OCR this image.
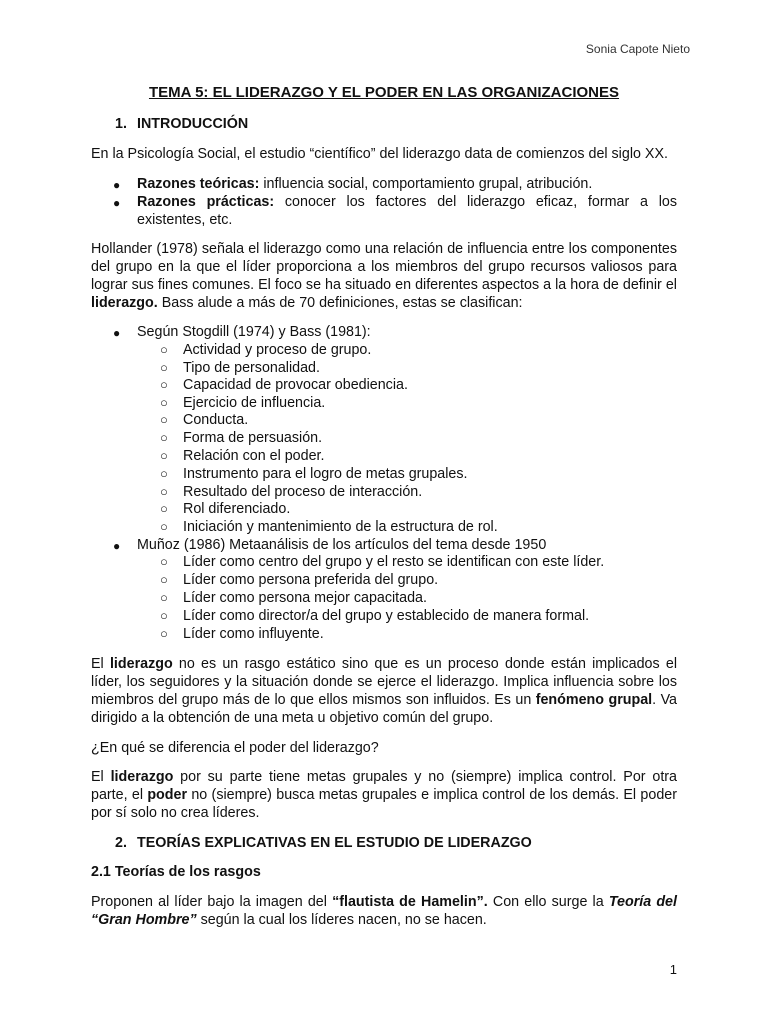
Sonia Capote Nieto
TEMA 5: EL LIDERAZGO Y EL PODER EN LAS ORGANIZACIONES
1. INTRODUCCIÓN
En la Psicología Social, el estudio “científico” del liderazgo data de comienzos del siglo XX.
● Razones teóricas: influencia social, comportamiento grupal, atribución.
● Razones prácticas: conocer los factores del liderazgo eficaz, formar a los existentes, etc.
Hollander (1978) señala el liderazgo como una relación de influencia entre los componentes del grupo en la que el líder proporciona a los miembros del grupo recursos valiosos para lograr sus fines comunes. El foco se ha situado en diferentes aspectos a la hora de definir el liderazgo. Bass alude a más de 70 definiciones, estas se clasifican:
● Según Stogdill (1974) y Bass (1981):
○ Actividad y proceso de grupo.
○ Tipo de personalidad.
○ Capacidad de provocar obediencia.
○ Ejercicio de influencia.
○ Conducta.
○ Forma de persuasión.
○ Relación con el poder.
○ Instrumento para el logro de metas grupales.
○ Resultado del proceso de interacción.
○ Rol diferenciado.
○ Iniciación y mantenimiento de la estructura de rol.
● Muñoz (1986) Metaanálisis de los artículos del tema desde 1950
○ Líder como centro del grupo y el resto se identifican con este líder.
○ Líder como persona preferida del grupo.
○ Líder como persona mejor capacitada.
○ Líder como director/a del grupo y establecido de manera formal.
○ Líder como influyente.
El liderazgo no es un rasgo estático sino que es un proceso donde están implicados el líder, los seguidores y la situación donde se ejerce el liderazgo. Implica influencia sobre los miembros del grupo más de lo que ellos mismos son influidos. Es un fenómeno grupal. Va dirigido a la obtención de una meta u objetivo común del grupo.
¿En qué se diferencia el poder del liderazgo?
El liderazgo por su parte tiene metas grupales y no (siempre) implica control. Por otra parte, el poder no (siempre) busca metas grupales e implica control de los demás. El poder por sí solo no crea líderes.
2. TEORÍAS EXPLICATIVAS EN EL ESTUDIO DE LIDERAZGO
2.1 Teorías de los rasgos
Proponen al líder bajo la imagen del “flautista de Hamelin”. Con ello surge la Teoría del “Gran Hombre” según la cual los líderes nacen, no se hacen.
1
